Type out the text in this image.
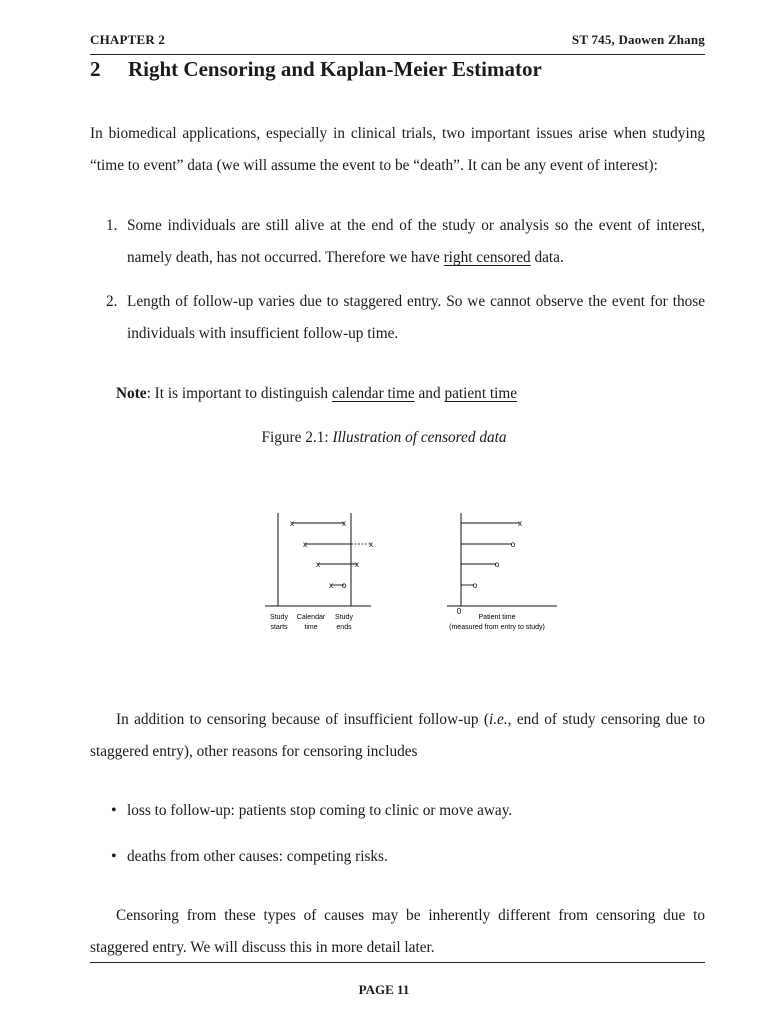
CHAPTER 2	ST 745, Daowen Zhang
2 Right Censoring and Kaplan-Meier Estimator
In biomedical applications, especially in clinical trials, two important issues arise when studying
“time to event” data (we will assume the event to be “death”. It can be any event of interest):
1. Some individuals are still alive at the end of the study or analysis so the event of interest,
namely death, has not occurred. Therefore we have right censored data.
2. Length of follow-up varies due to staggered entry. So we cannot observe the event for those
individuals with insufficient follow-up time.
Note: It is important to distinguish calendar time and patient time
Figure 2.1: Illustration of censored data
x	x
x	x
x	x
x o
Study
starts
Calendar
time
Study
ends
x
o
o
o
0
Patient time
(measured from entry to study)
In addition to censoring because of insufficient follow-up (i.e., end of study censoring due to
staggered entry), other reasons for censoring includes
• loss to follow-up: patients stop coming to clinic or move away.
• deaths from other causes: competing risks.
Censoring from these types of causes may be inherently different from censoring due to
staggered entry. We will discuss this in more detail later.
PAGE 11
